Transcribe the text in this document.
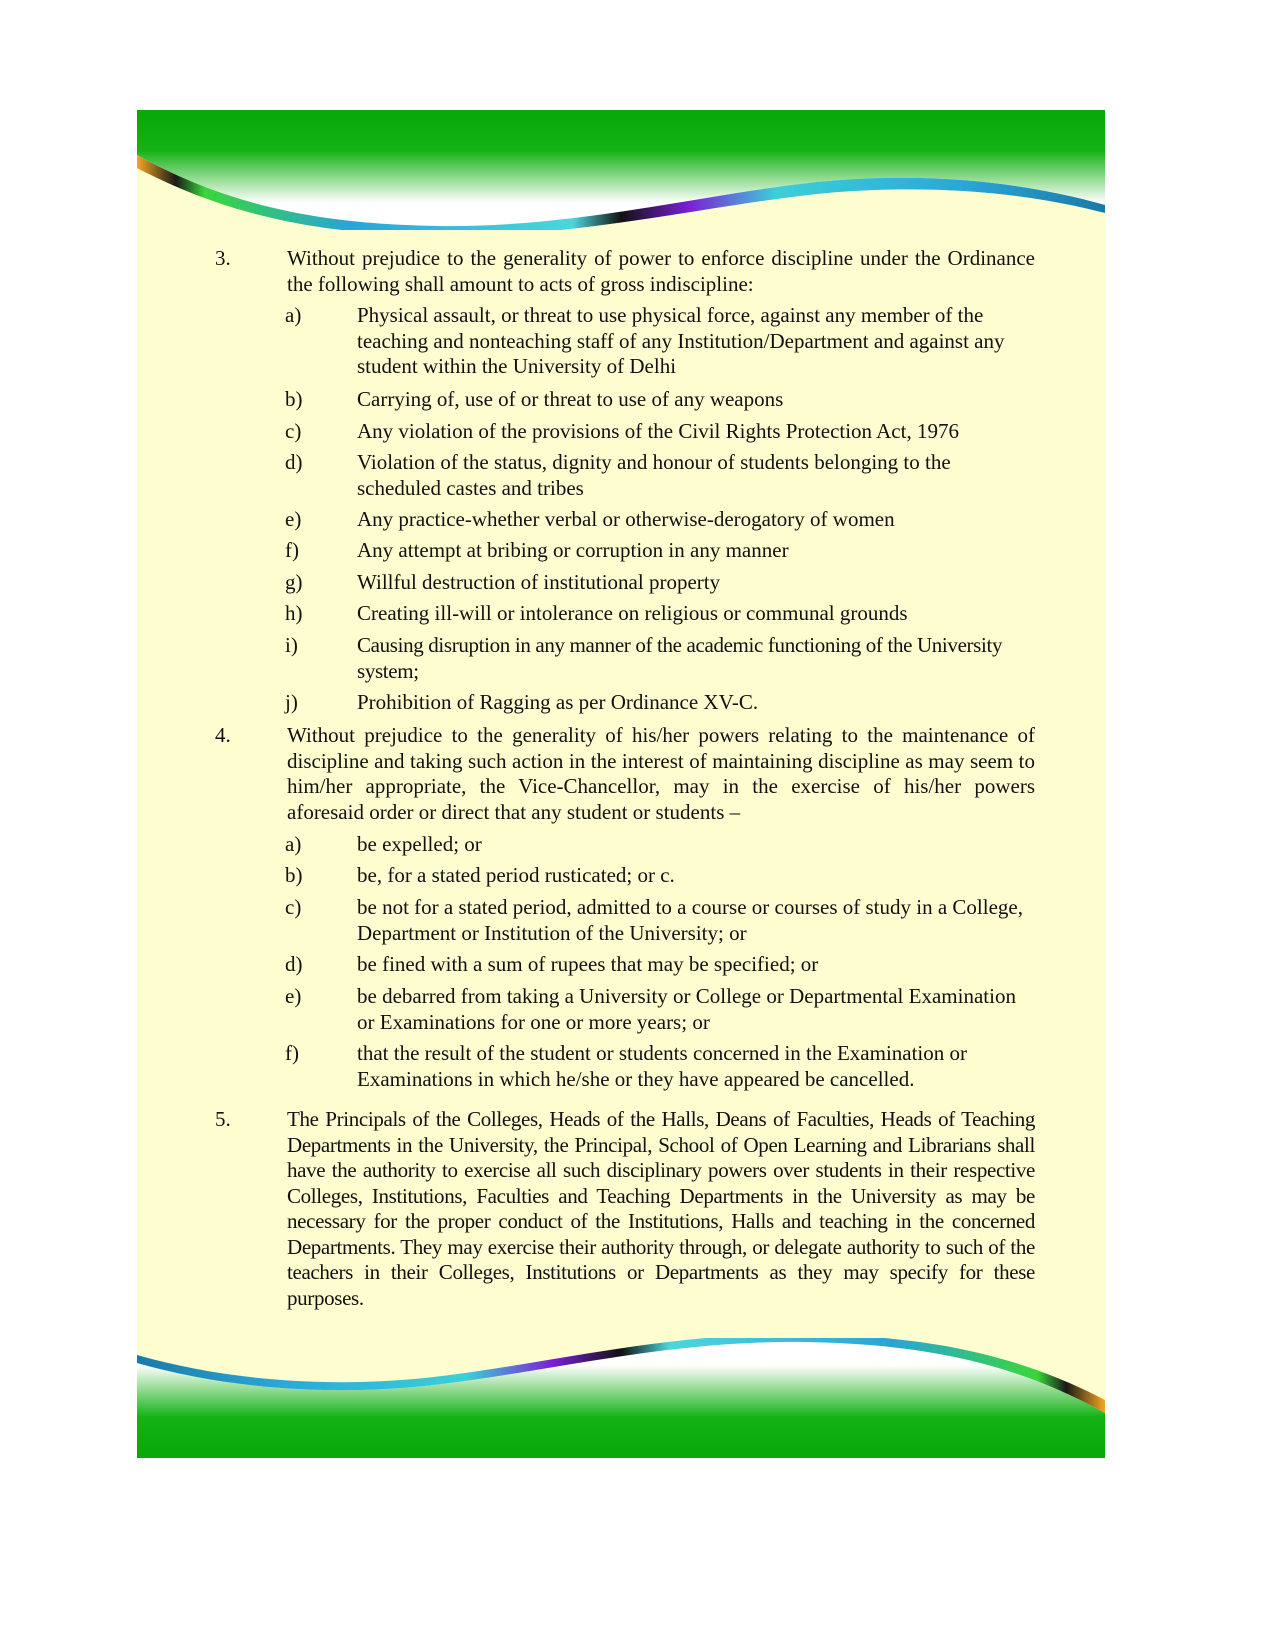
3.	Without prejudice to the generality of power to enforce discipline under the Ordinance the following shall amount to acts of gross indiscipline:
a)	Physical assault, or threat to use physical force, against any member of the teaching and nonteaching staff of any Institution/Department and against any student within the University of Delhi
b)	Carrying of, use of or threat to use of any weapons
c)	Any violation of the provisions of the Civil Rights Protection Act, 1976
d)	Violation of the status, dignity and honour of students belonging to the scheduled castes and tribes
e)	Any practice-whether verbal or otherwise-derogatory of women
f)	Any attempt at bribing or corruption in any manner
g)	Willful destruction of institutional property
h)	Creating ill-will or intolerance on religious or communal grounds
i)	Causing disruption in any manner of the academic functioning of the University system;
j)	Prohibition of Ragging as per Ordinance XV-C.
4.	Without prejudice to the generality of his/her powers relating to the maintenance of discipline and taking such action in the interest of maintaining discipline as may seem to him/her appropriate, the Vice-Chancellor, may in the exercise of his/her powers aforesaid order or direct that any student or students –
a)	be expelled; or
b)	be, for a stated period rusticated; or c.
c)	be not for a stated period, admitted to a course or courses of study in a College, Department or Institution of the University; or
d)	be fined with a sum of rupees that may be specified; or
e)	be debarred from taking a University or College or Departmental Examination or Examinations for one or more years; or
f)	that the result of the student or students concerned in the Examination or Examinations in which he/she or they have appeared be cancelled.
5.	The Principals of the Colleges, Heads of the Halls, Deans of Faculties, Heads of Teaching Departments in the University, the Principal, School of Open Learning and Librarians shall have the authority to exercise all such disciplinary powers over students in their respective Colleges, Institutions, Faculties and Teaching Departments in the University as may be necessary for the proper conduct of the Institutions, Halls and teaching in the concerned Departments. They may exercise their authority through, or delegate authority to such of the teachers in their Colleges, Institutions or Departments as they may specify for these purposes.
